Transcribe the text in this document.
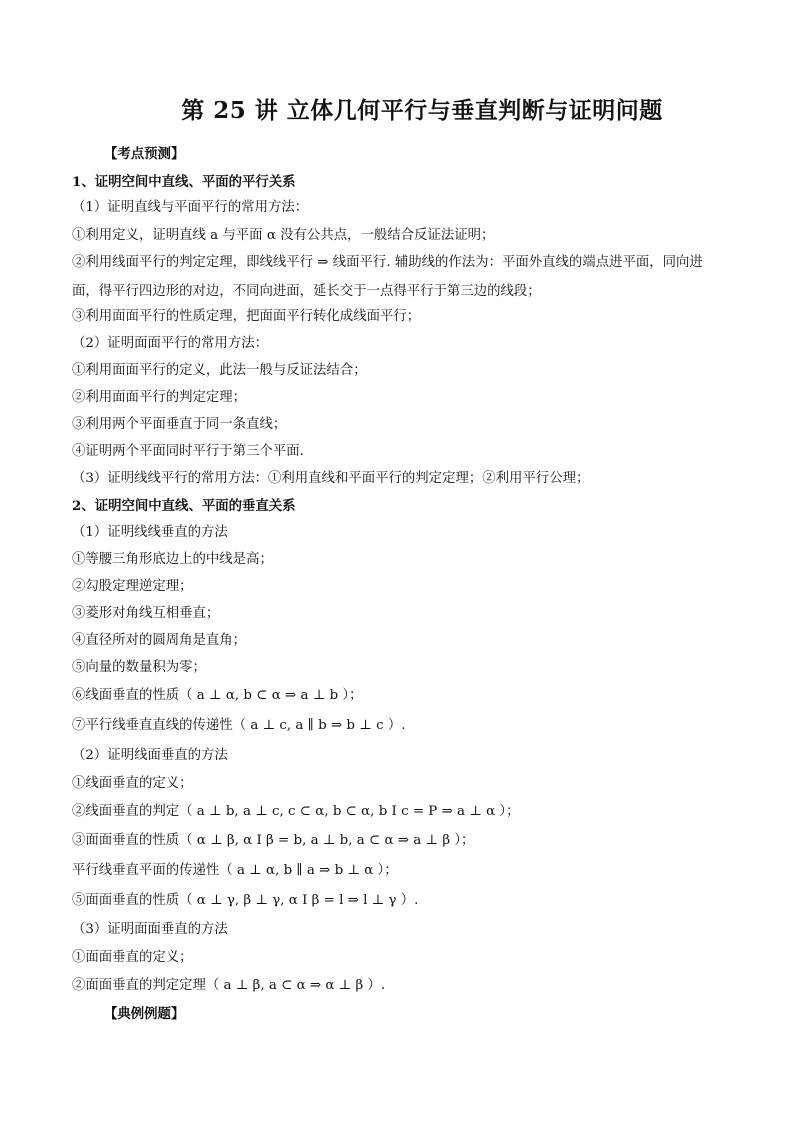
第 25 讲 立体几何平行与垂直判断与证明问题
【考点预测】
1、证明空间中直线、平面的平行关系
（1）证明直线与平面平行的常用方法：
①利用定义，证明直线 a 与平面 α 没有公共点，一般结合反证法证明；
②利用线面平行的判定定理，即线线平行 ⇒ 线面平行. 辅助线的作法为：平面外直线的端点进平面，同向进面，得平行四边形的对边，不同向进面，延长交于一点得平行于第三边的线段；
③利用面面平行的性质定理，把面面平行转化成线面平行；
（2）证明面面平行的常用方法：
①利用面面平行的定义，此法一般与反证法结合；
②利用面面平行的判定定理；
③利用两个平面垂直于同一条直线；
④证明两个平面同时平行于第三个平面.
（3）证明线线平行的常用方法：①利用直线和平面平行的判定定理；②利用平行公理；
2、证明空间中直线、平面的垂直关系
（1）证明线线垂直的方法
①等腰三角形底边上的中线是高；
②勾股定理逆定理；
③菱形对角线互相垂直；
④直径所对的圆周角是直角；
⑤向量的数量积为零；
⑥线面垂直的性质（ a ⊥ α, b ⊂ α ⇒ a ⊥ b ）；
⑦平行线垂直直线的传递性（ a ⊥ c, a ∥ b ⇒ b ⊥ c ）.
（2）证明线面垂直的方法
①线面垂直的定义；
②线面垂直的判定（ a ⊥ b, a ⊥ c, c ⊂ α, b ⊂ α, b I c = P ⇒ a ⊥ α ）；
③面面垂直的性质（ α ⊥ β, α I β = b, a ⊥ b, a ⊂ α ⇒ a ⊥ β ）；
平行线垂直平面的传递性（ a ⊥ α, b ∥ a ⇒ b ⊥ α ）；
⑤面面垂直的性质（ α ⊥ γ, β ⊥ γ, α I β = l ⇒ l ⊥ γ ）.
（3）证明面面垂直的方法
①面面垂直的定义；
②面面垂直的判定定理（ a ⊥ β, a ⊂ α ⇒ α ⊥ β ）.
【典例例题】
